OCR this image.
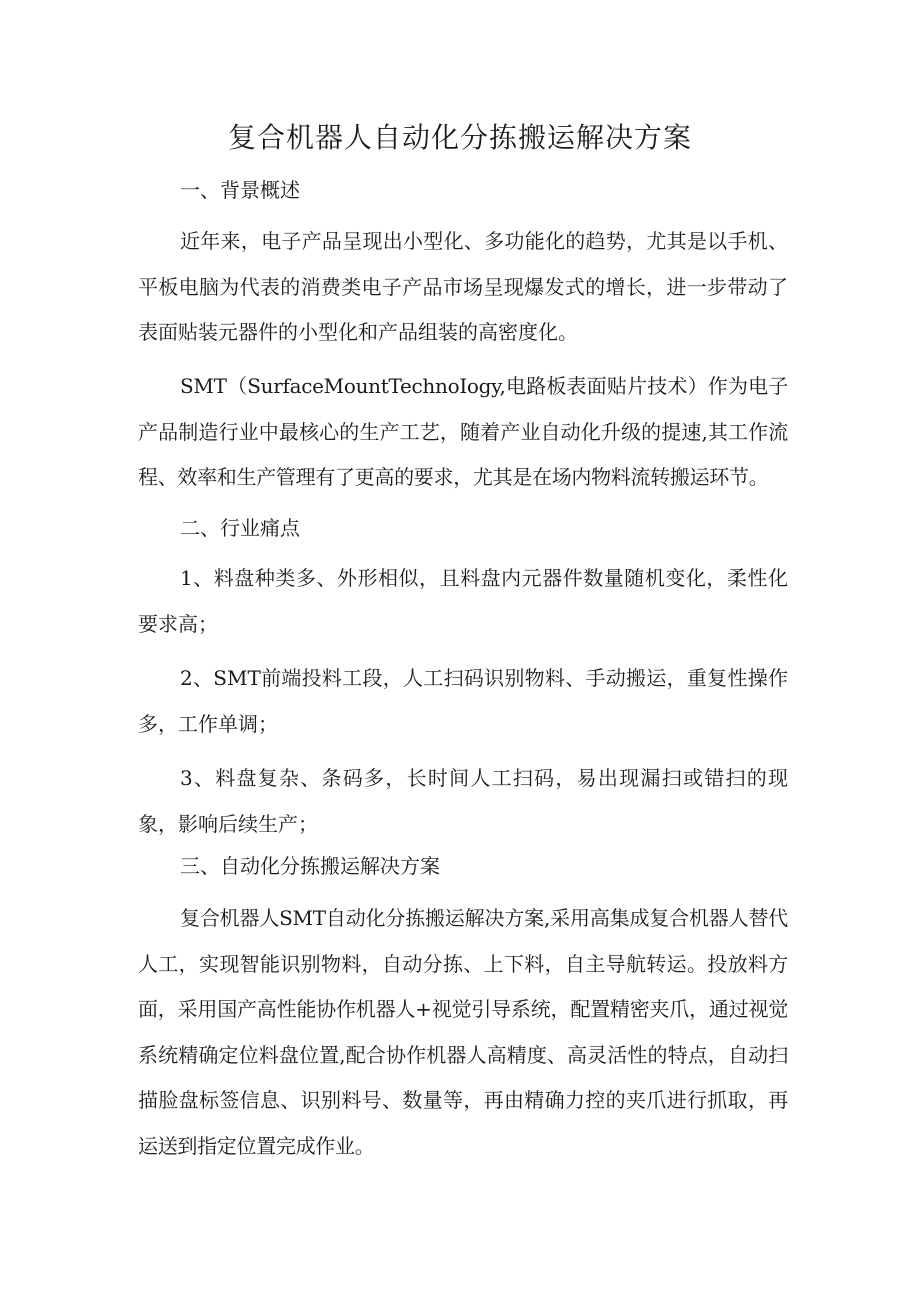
复合机器人自动化分拣搬运解决方案
一、背景概述

近年来，电子产品呈现出小型化、多功能化的趋势，尤其是以手机、平板电脑为代表的消费类电子产品市场呈现爆发式的增长，进一步带动了表面贴装元器件的小型化和产品组装的高密度化。

SMT（SurfaceMountTechnoIogy,电路板表面贴片技术）作为电子产品制造行业中最核心的生产工艺，随着产业自动化升级的提速,其工作流程、效率和生产管理有了更高的要求，尤其是在场内物料流转搬运环节。

二、行业痛点

1、料盘种类多、外形相似，且料盘内元器件数量随机变化，柔性化要求高；

2、SMT前端投料工段，人工扫码识别物料、手动搬运，重复性操作多，工作单调；

3、料盘复杂、条码多，长时间人工扫码，易出现漏扫或错扫的现象，影响后续生产；

三、自动化分拣搬运解决方案

复合机器人SMT自动化分拣搬运解决方案,采用高集成复合机器人替代人工，实现智能识别物料，自动分拣、上下料，自主导航转运。投放料方面，采用国产高性能协作机器人+视觉引导系统，配置精密夹爪，通过视觉系统精确定位料盘位置,配合协作机器人高精度、高灵活性的特点，自动扫描脸盘标签信息、识别料号、数量等，再由精确力控的夹爪进行抓取，再运送到指定位置完成作业。
